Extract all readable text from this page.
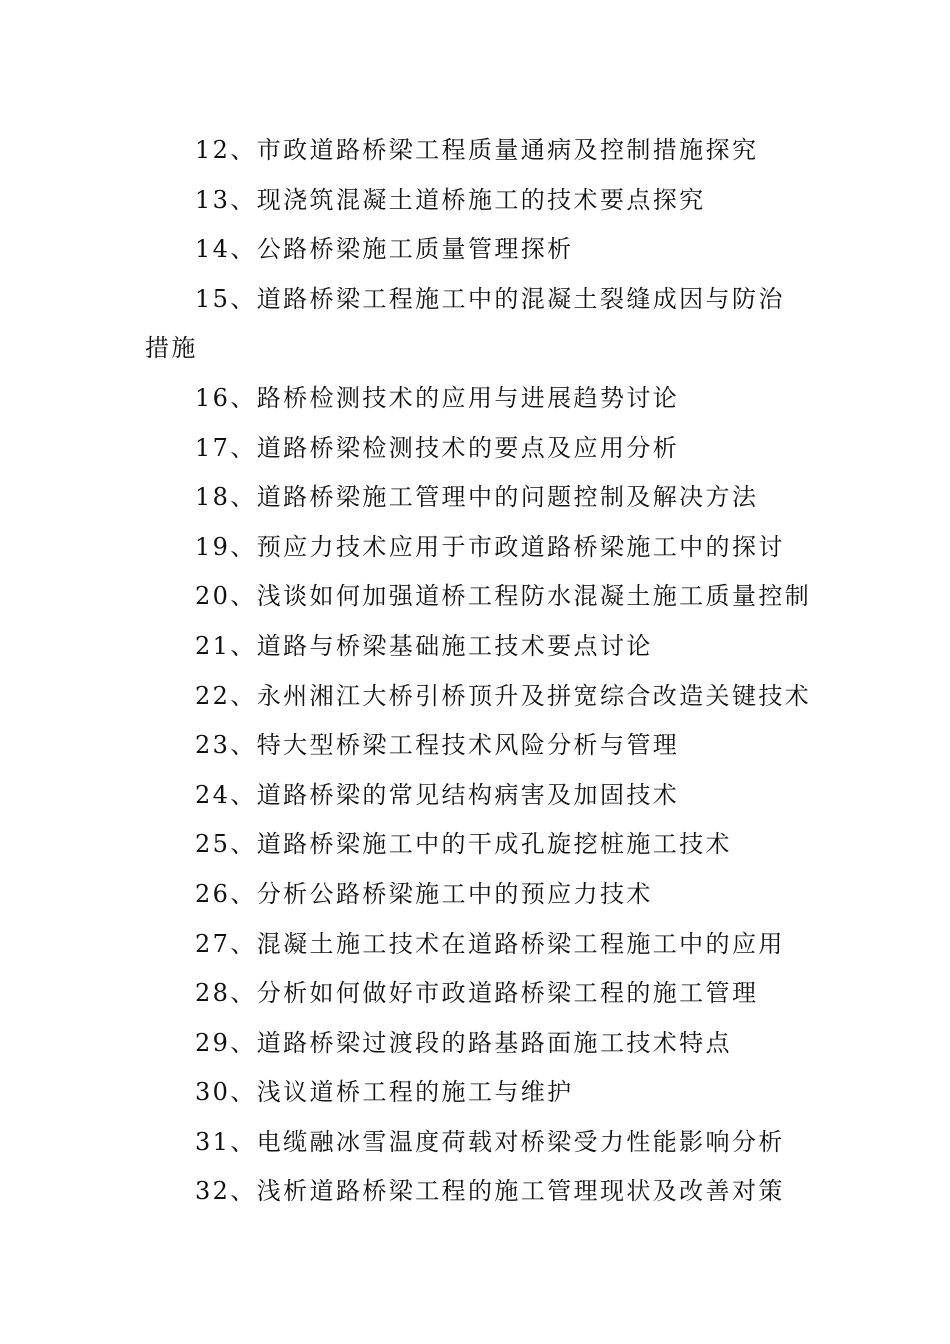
12、市政道路桥梁工程质量通病及控制措施探究
13、现浇筑混凝土道桥施工的技术要点探究
14、公路桥梁施工质量管理探析
15、道路桥梁工程施工中的混凝土裂缝成因与防治措施
16、路桥检测技术的应用与进展趋势讨论
17、道路桥梁检测技术的要点及应用分析
18、道路桥梁施工管理中的问题控制及解决方法
19、预应力技术应用于市政道路桥梁施工中的探讨
20、浅谈如何加强道桥工程防水混凝土施工质量控制
21、道路与桥梁基础施工技术要点讨论
22、永州湘江大桥引桥顶升及拼宽综合改造关键技术
23、特大型桥梁工程技术风险分析与管理
24、道路桥梁的常见结构病害及加固技术
25、道路桥梁施工中的干成孔旋挖桩施工技术
26、分析公路桥梁施工中的预应力技术
27、混凝土施工技术在道路桥梁工程施工中的应用
28、分析如何做好市政道路桥梁工程的施工管理
29、道路桥梁过渡段的路基路面施工技术特点
30、浅议道桥工程的施工与维护
31、电缆融冰雪温度荷载对桥梁受力性能影响分析
32、浅析道路桥梁工程的施工管理现状及改善对策
